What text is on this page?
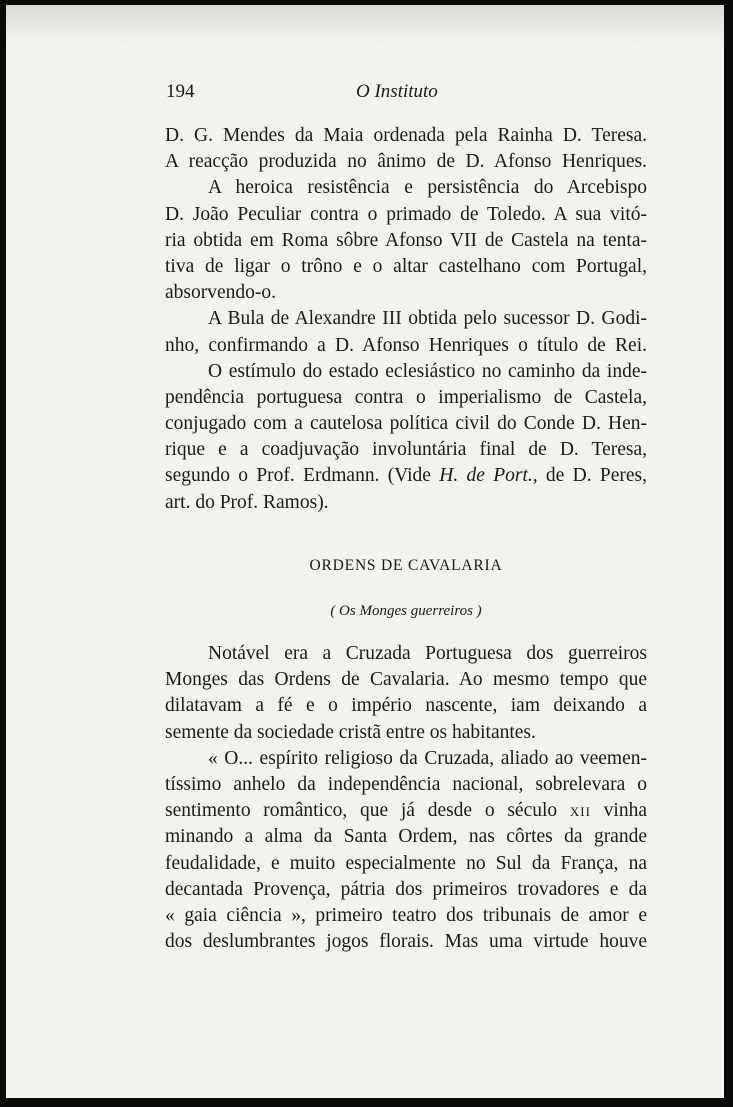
194	O Instituto
D. G. Mendes da Maia ordenada pela Rainha D. Teresa.
A reacção produzida no ânimo de D. Afonso Henriques.
A heroica resistência e persistência do Arcebispo
D. João Peculiar contra o primado de Toledo. A sua vitó-
ria obtida em Roma sôbre Afonso VII de Castela na tenta-
tiva de ligar o trôno e o altar castelhano com Portugal,
absorvendo-o.
A Bula de Alexandre III obtida pelo sucessor D. Godi-
nho, confirmando a D. Afonso Henriques o título de Rei.
O estímulo do estado eclesiástico no caminho da inde-
pendência portuguesa contra o imperialismo de Castela,
conjugado com a cautelosa política civil do Conde D. Hen-
rique e a coadjuvação involuntária final de D. Teresa,
segundo o Prof. Erdmann. (Vide H. de Port., de D. Peres,
art. do Prof. Ramos).
ORDENS DE CAVALARIA
( Os Monges guerreiros )
Notável era a Cruzada Portuguesa dos guerreiros
Monges das Ordens de Cavalaria. Ao mesmo tempo que
dilatavam a fé e o império nascente, iam deixando a
semente da sociedade cristã entre os habitantes.
« O... espírito religioso da Cruzada, aliado ao veemen-
tíssimo anhelo da independência nacional, sobrelevara o
sentimento romântico, que já desde o século XII vinha
minando a alma da Santa Ordem, nas côrtes da grande
feudalidade, e muito especialmente no Sul da França, na
decantada Provença, pátria dos primeiros trovadores e da
« gaia ciência », primeiro teatro dos tribunais de amor e
dos deslumbrantes jogos florais. Mas uma virtude houve
